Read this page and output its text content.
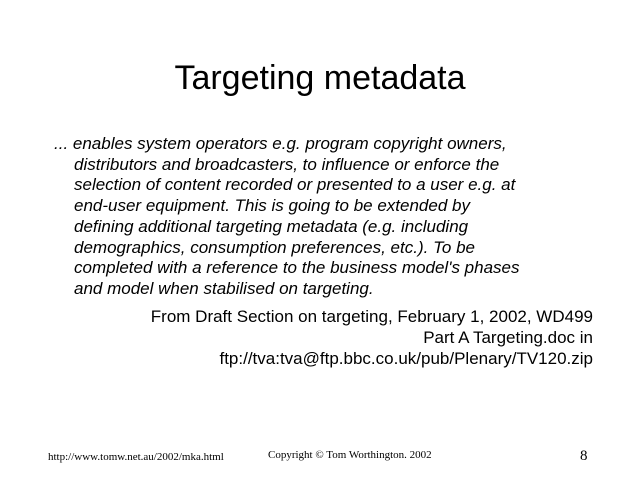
Targeting metadata
... enables system operators e.g. program copyright owners,
distributors and broadcasters, to influence or enforce the
selection of content recorded or presented to a user e.g. at
end-user equipment. This is going to be extended by
defining additional targeting metadata (e.g. including
demographics, consumption preferences, etc.). To be
completed with a reference to the business model's phases
and model when stabilised on targeting.
From Draft Section on targeting, February 1, 2002, WD499
Part A Targeting.doc in
ftp://tva:tva@ftp.bbc.co.uk/pub/Plenary/TV120.zip
http://www.tomw.net.au/2002/mka.html	Copyright © Tom Worthington. 2002	8
